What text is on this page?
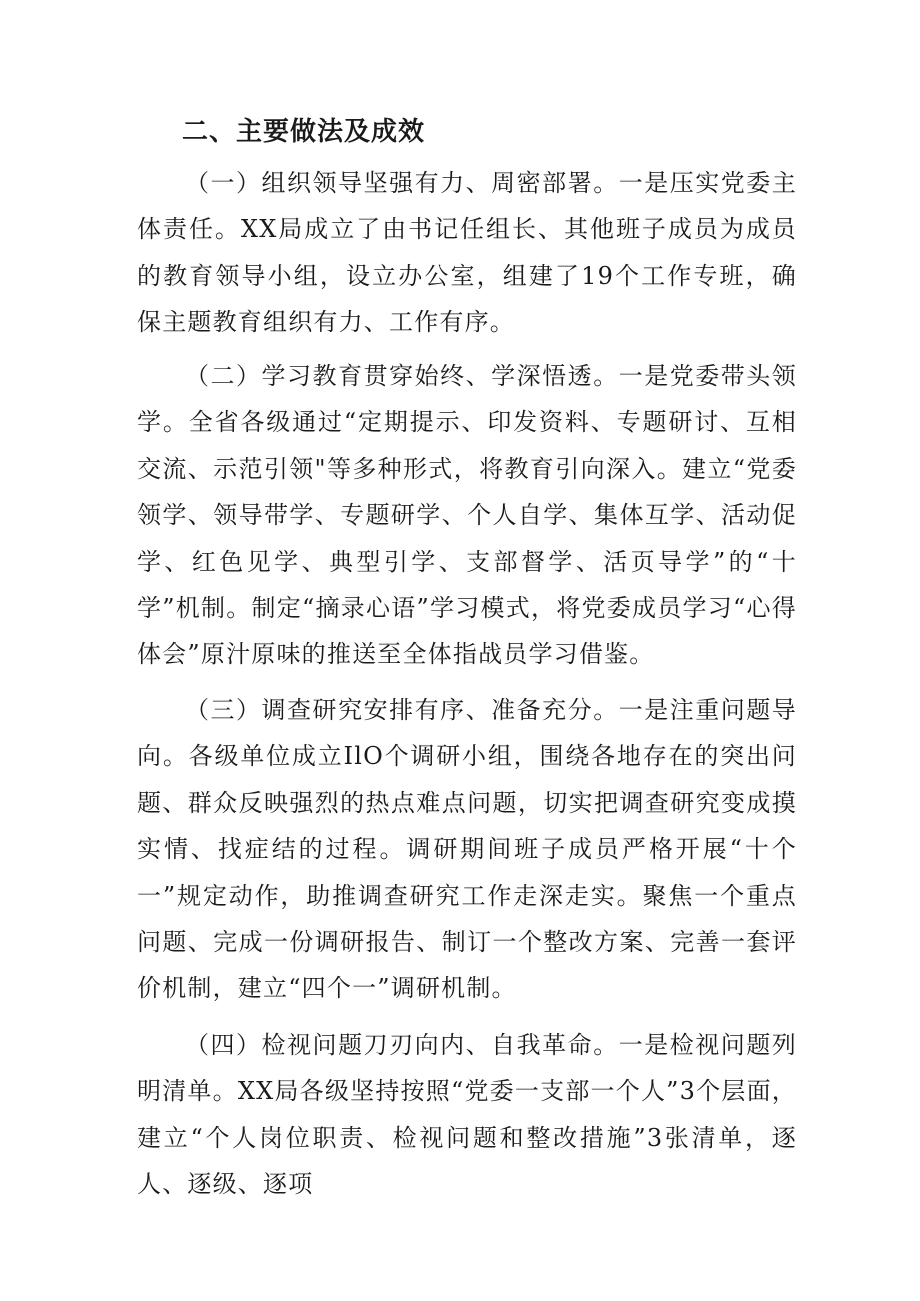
二、主要做法及成效

（一）组织领导坚强有力、周密部署。一是压实党委主体责任。XX局成立了由书记任组长、其他班子成员为成员的教育领导小组，设立办公室，组建了19个工作专班，确保主题教育组织有力、工作有序。

（二）学习教育贯穿始终、学深悟透。一是党委带头领学。全省各级通过“定期提示、印发资料、专题研讨、互相交流、示范引领"等多种形式，将教育引向深入。建立“党委领学、领导带学、专题研学、个人自学、集体互学、活动促学、红色见学、典型引学、支部督学、活页导学”的“十学”机制。制定“摘录心语”学习模式，将党委成员学习“心得体会”原汁原味的推送至全体指战员学习借鉴。

（三）调查研究安排有序、准备充分。一是注重问题导向。各级单位成立IlO个调研小组，围绕各地存在的突出问题、群众反映强烈的热点难点问题，切实把调查研究变成摸实情、找症结的过程。调研期间班子成员严格开展“十个一”规定动作，助推调查研究工作走深走实。聚焦一个重点问题、完成一份调研报告、制订一个整改方案、完善一套评价机制，建立“四个一”调研机制。

（四）检视问题刀刃向内、自我革命。一是检视问题列明清单。XX局各级坚持按照“党委一支部一个人”3个层面，建立“个人岗位职责、检视问题和整改措施”3张清单，逐人、逐级、逐项
